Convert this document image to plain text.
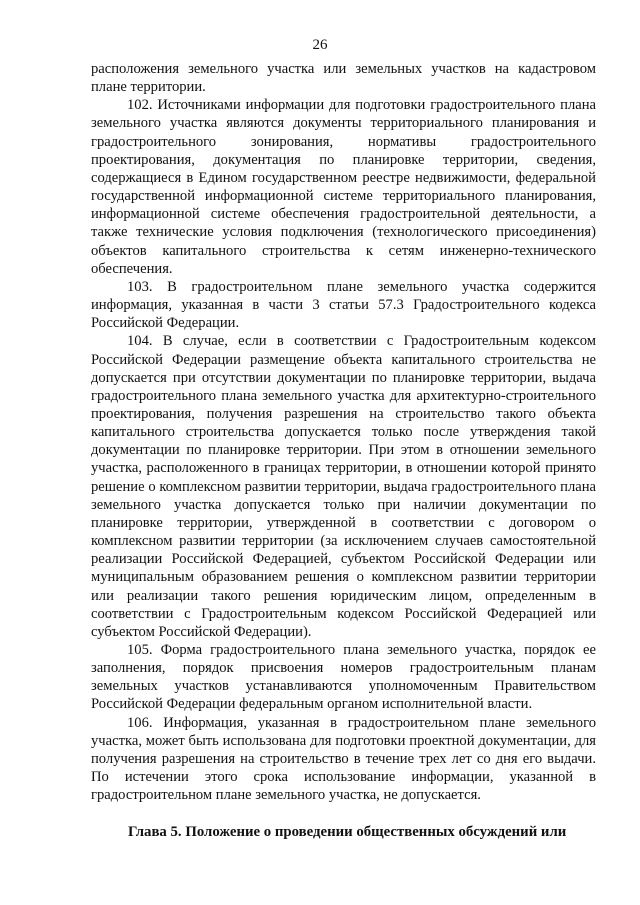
26

расположения земельного участка или земельных участков на кадастровом плане территории.

102. Источниками информации для подготовки градостроительного плана земельного участка являются документы территориального планирования и градостроительного зонирования, нормативы градостроительного проектирования, документация по планировке территории, сведения, содержащиеся в Едином государственном реестре недвижимости, федеральной государственной информационной системе территориального планирования, информационной системе обеспечения градостроительной деятельности, а также технические условия подключения (технологического присоединения) объектов капитального строительства к сетям инженерно-технического обеспечения.

103. В градостроительном плане земельного участка содержится информация, указанная в части 3 статьи 57.3 Градостроительного кодекса Российской Федерации.

104. В случае, если в соответствии с Градостроительным кодексом Российской Федерации размещение объекта капитального строительства не допускается при отсутствии документации по планировке территории, выдача градостроительного плана земельного участка для архитектурно-строительного проектирования, получения разрешения на строительство такого объекта капитального строительства допускается только после утверждения такой документации по планировке территории. При этом в отношении земельного участка, расположенного в границах территории, в отношении которой принято решение о комплексном развитии территории, выдача градостроительного плана земельного участка допускается только при наличии документации по планировке территории, утвержденной в соответствии с договором о комплексном развитии территории (за исключением случаев самостоятельной реализации Российской Федерацией, субъектом Российской Федерации или муниципальным образованием решения о комплексном развитии территории или реализации такого решения юридическим лицом, определенным в соответствии с Градостроительным кодексом Российской Федерацией или субъектом Российской Федерации).

105. Форма градостроительного плана земельного участка, порядок ее заполнения, порядок присвоения номеров градостроительным планам земельных участков устанавливаются уполномоченным Правительством Российской Федерации федеральным органом исполнительной власти.

106. Информация, указанная в градостроительном плане земельного участка, может быть использована для подготовки проектной документации, для получения разрешения на строительство в течение трех лет со дня его выдачи. По истечении этого срока использование информации, указанной в градостроительном плане земельного участка, не допускается.

Глава 5. Положение о проведении общественных обсуждений или
